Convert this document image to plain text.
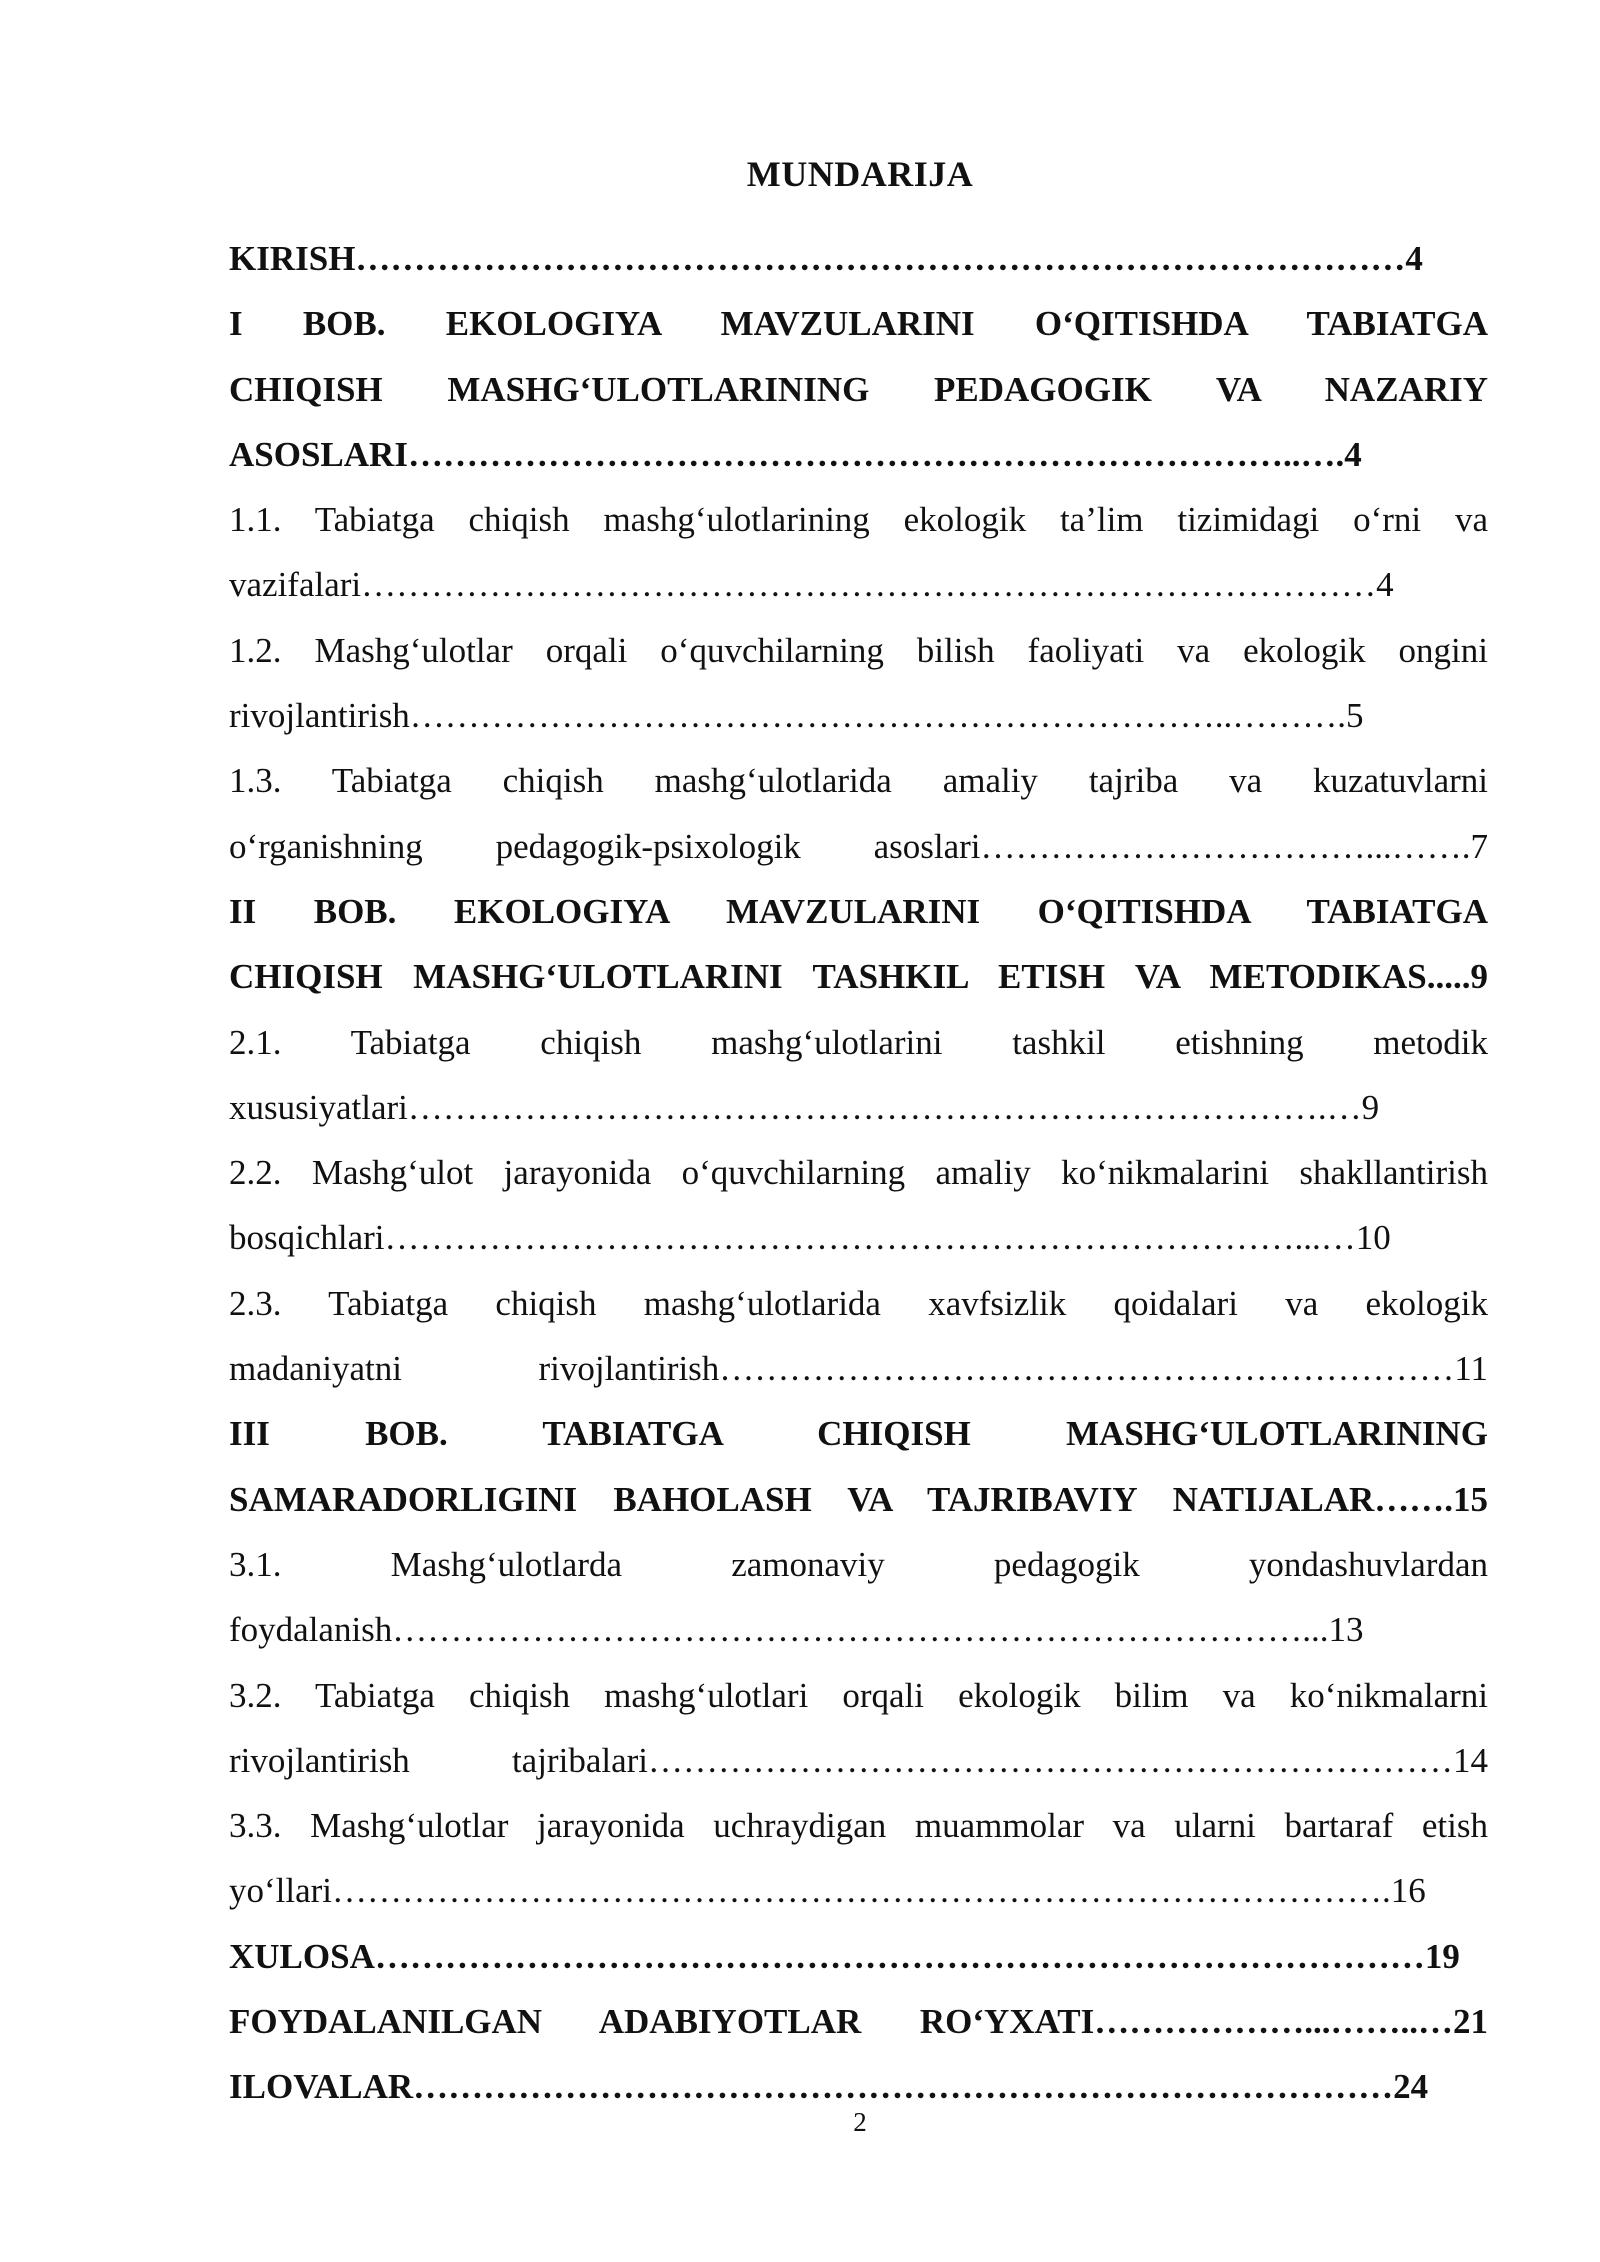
MUNDARIJA
KIRISH………………………………………………………………………………4
I BOB. EKOLOGIYA MAVZULARINI O‘QITISHDA TABIATGA
CHIQISH MASHG‘ULOTLARINING PEDAGOGIK VA NAZARIY
ASOSLARI…………………………………………………………………..….4
1.1. Tabiatga chiqish mashg‘ulotlarining ekologik ta’lim tizimidagi o‘rni va
vazifalari……………………………………………………………………………4
1.2. Mashg‘ulotlar orqali o‘quvchilarning bilish faoliyati va ekologik ongini
rivojlantirish……………………………………………………………..……….5
1.3. Tabiatga chiqish mashg‘ulotlarida amaliy tajriba va kuzatuvlarni
o‘rganishning pedagogik-psixologik asoslari……………………………...…….7
II BOB. EKOLOGIYA MAVZULARINI O‘QITISHDA TABIATGA
CHIQISH MASHG‘ULOTLARINI TASHKIL ETISH VA METODIKAS.....9
2.1. Tabiatga chiqish mashg‘ulotlarini tashkil etishning metodik
xususiyatlari…………………………………………………………………….…9
2.2. Mashg‘ulot jarayonida o‘quvchilarning amaliy ko‘nikmalarini shakllantirish
bosqichlari……………………………………………………………………...…10
2.3. Tabiatga chiqish mashg‘ulotlarida xavfsizlik qoidalari va ekologik
madaniyatni rivojlantirish………………………………………………………11
III BOB. TABIATGA CHIQISH MASHG‘ULOTLARINING
SAMARADORLIGINI BAHOLASH VA TAJRIBAVIY NATIJALAR…….15
3.1. Mashg‘ulotlarda zamonaviy pedagogik yondashuvlardan
foydalanish……………………………………………………………………...13
3.2. Tabiatga chiqish mashg‘ulotlari orqali ekologik bilim va ko‘nikmalarni
rivojlantirish tajribalari……………………………………………………………14
3.3. Mashg‘ulotlar jarayonida uchraydigan muammolar va ularni bartaraf etish
yo‘llari……………………………………………………………………………….16
XULOSA………………………………………………………………………………19
FOYDALANILGAN ADABIYOTLAR RO‘YXATI………………...……..…21
ILOVALAR…………………………………………………………………………24
2
